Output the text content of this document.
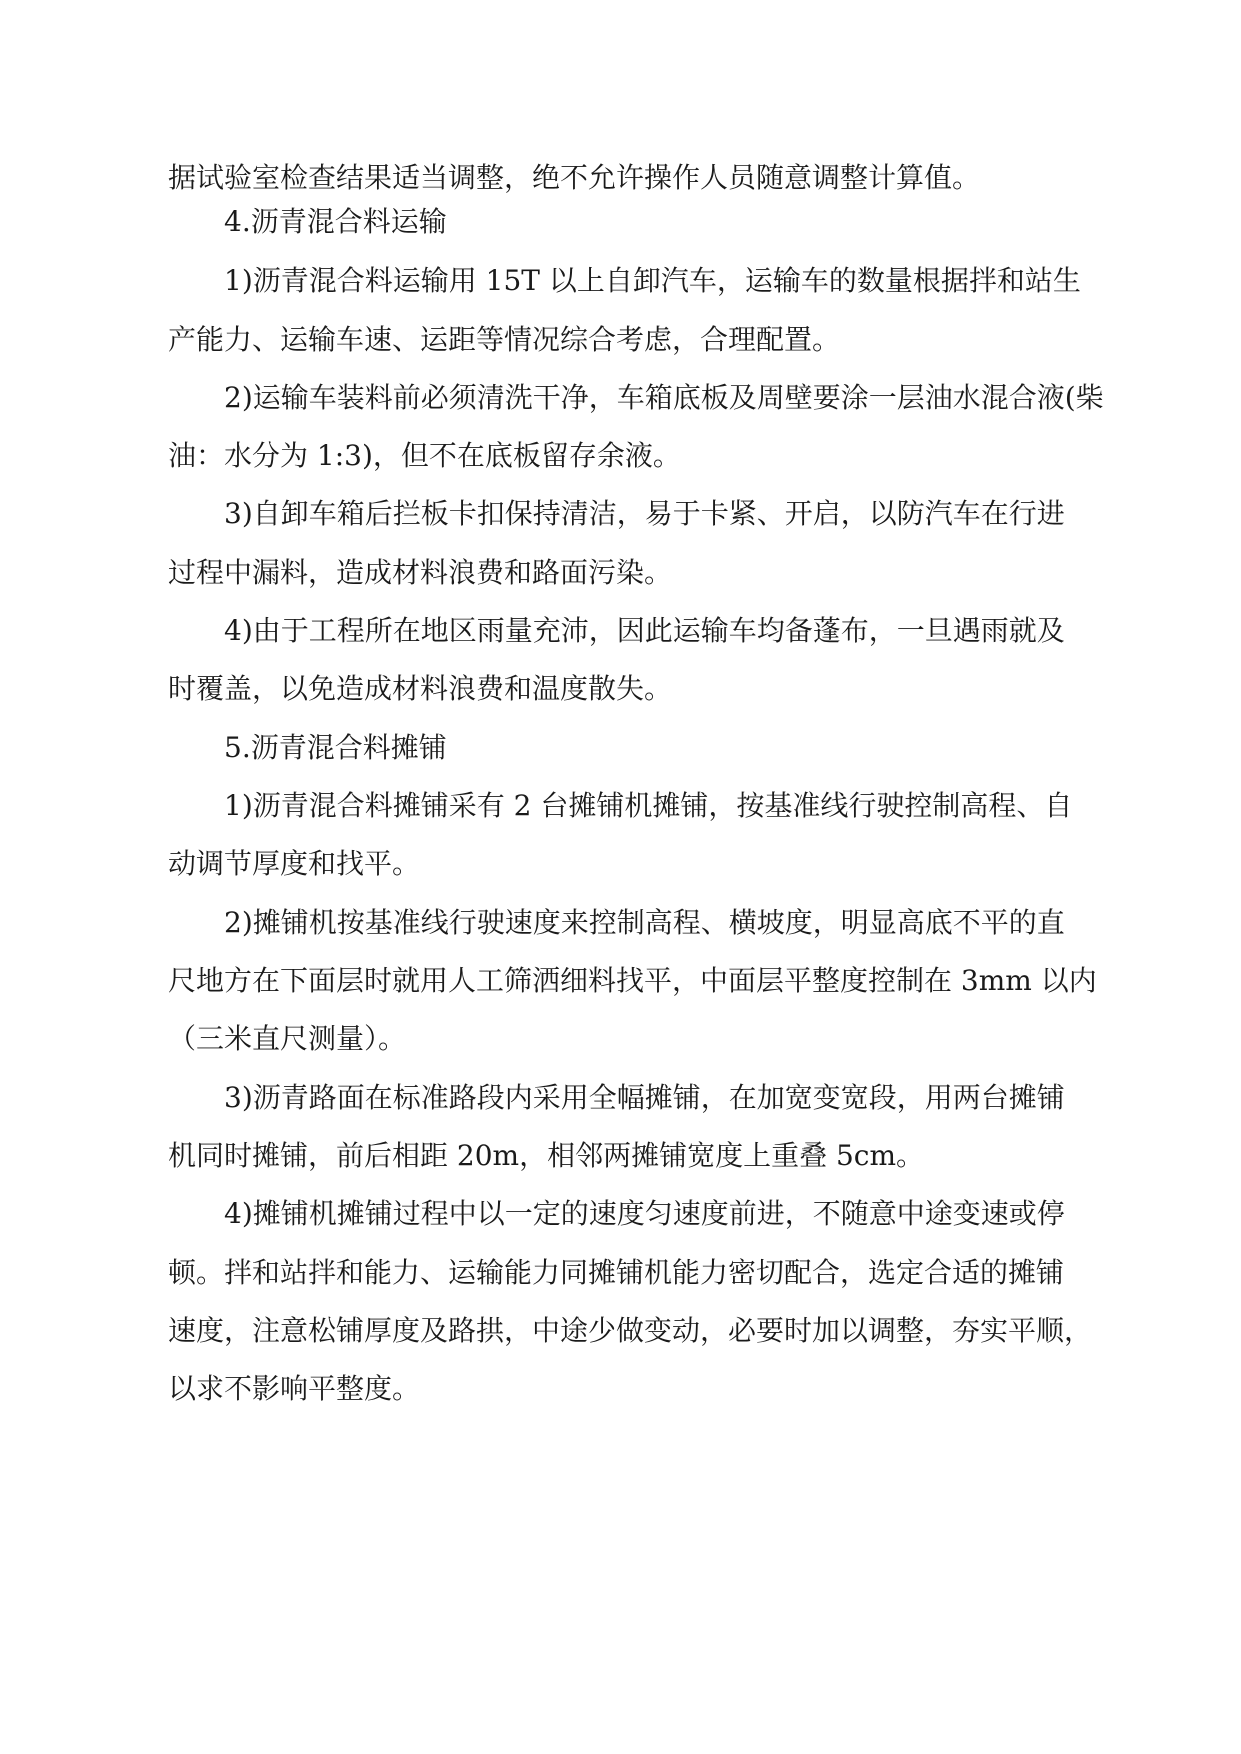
据试验室检查结果适当调整，绝不允许操作人员随意调整计算值。
4.沥青混合料运输
1)沥青混合料运输用 15T 以上自卸汽车，运输车的数量根据拌和站生
产能力、运输车速、运距等情况综合考虑，合理配置。
2)运输车装料前必须清洗干净，车箱底板及周壁要涂一层油水混合液(柴
油：水分为 1:3)，但不在底板留存余液。
3)自卸车箱后拦板卡扣保持清洁，易于卡紧、开启，以防汽车在行进
过程中漏料，造成材料浪费和路面污染。
4)由于工程所在地区雨量充沛，因此运输车均备蓬布，一旦遇雨就及
时覆盖，以免造成材料浪费和温度散失。
5.沥青混合料摊铺
1)沥青混合料摊铺采有 2 台摊铺机摊铺，按基准线行驶控制高程、自
动调节厚度和找平。
2)摊铺机按基准线行驶速度来控制高程、横坡度，明显高底不平的直
尺地方在下面层时就用人工筛洒细料找平，中面层平整度控制在 3mm 以内
（三米直尺测量）。
3)沥青路面在标准路段内采用全幅摊铺，在加宽变宽段，用两台摊铺
机同时摊铺，前后相距 20m，相邻两摊铺宽度上重叠 5cm。
4)摊铺机摊铺过程中以一定的速度匀速度前进，不随意中途变速或停
顿。拌和站拌和能力、运输能力同摊铺机能力密切配合，选定合适的摊铺
速度，注意松铺厚度及路拱，中途少做变动，必要时加以调整，夯实平顺，
以求不影响平整度。
